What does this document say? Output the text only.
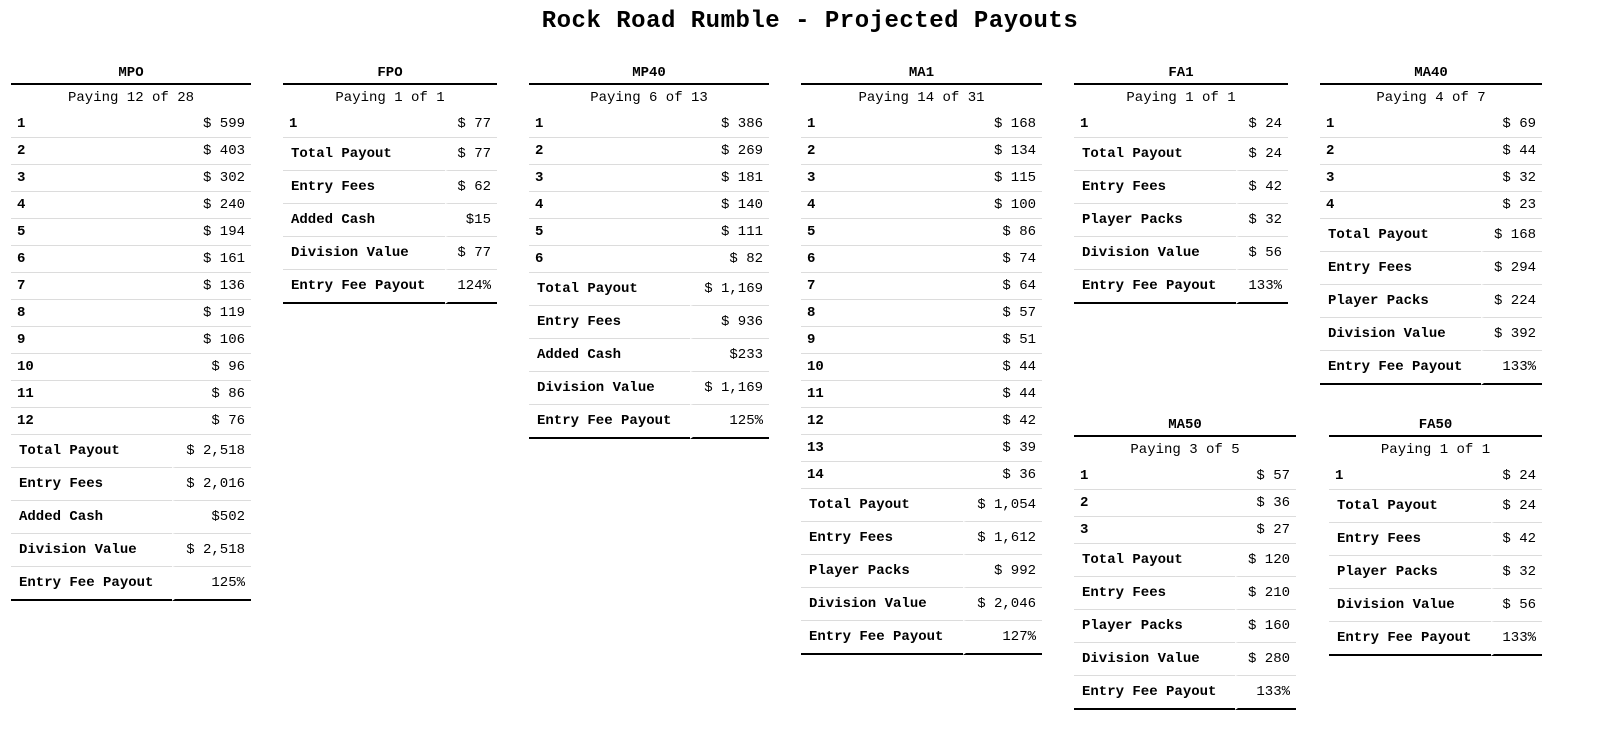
Rock Road Rumble - Projected Payouts
MPO
Paying 12 of 28
1	$ 599
2	$ 403
3	$ 302
4	$ 240
5	$ 194
6	$ 161
7	$ 136
8	$ 119
9	$ 106
10	$ 96
11	$ 86
12	$ 76
Total Payout	$ 2,518
Entry Fees	$ 2,016
Added Cash	$502
Division Value	$ 2,518
Entry Fee Payout	125%
FPO
Paying 1 of 1
1	$ 77
Total Payout	$ 77
Entry Fees	$ 62
Added Cash	$15
Division Value	$ 77
Entry Fee Payout	124%
MP40
Paying 6 of 13
1	$ 386
2	$ 269
3	$ 181
4	$ 140
5	$ 111
6	$ 82
Total Payout	$ 1,169
Entry Fees	$ 936
Added Cash	$233
Division Value	$ 1,169
Entry Fee Payout	125%
MA1
Paying 14 of 31
1	$ 168
2	$ 134
3	$ 115
4	$ 100
5	$ 86
6	$ 74
7	$ 64
8	$ 57
9	$ 51
10	$ 44
11	$ 44
12	$ 42
13	$ 39
14	$ 36
Total Payout	$ 1,054
Entry Fees	$ 1,612
Player Packs	$ 992
Division Value	$ 2,046
Entry Fee Payout	127%
FA1
Paying 1 of 1
1	$ 24
Total Payout	$ 24
Entry Fees	$ 42
Player Packs	$ 32
Division Value	$ 56
Entry Fee Payout	133%
MA40
Paying 4 of 7
1	$ 69
2	$ 44
3	$ 32
4	$ 23
Total Payout	$ 168
Entry Fees	$ 294
Player Packs	$ 224
Division Value	$ 392
Entry Fee Payout	133%
MA50
Paying 3 of 5
1	$ 57
2	$ 36
3	$ 27
Total Payout	$ 120
Entry Fees	$ 210
Player Packs	$ 160
Division Value	$ 280
Entry Fee Payout	133%
FA50
Paying 1 of 1
1	$ 24
Total Payout	$ 24
Entry Fees	$ 42
Player Packs	$ 32
Division Value	$ 56
Entry Fee Payout	133%
